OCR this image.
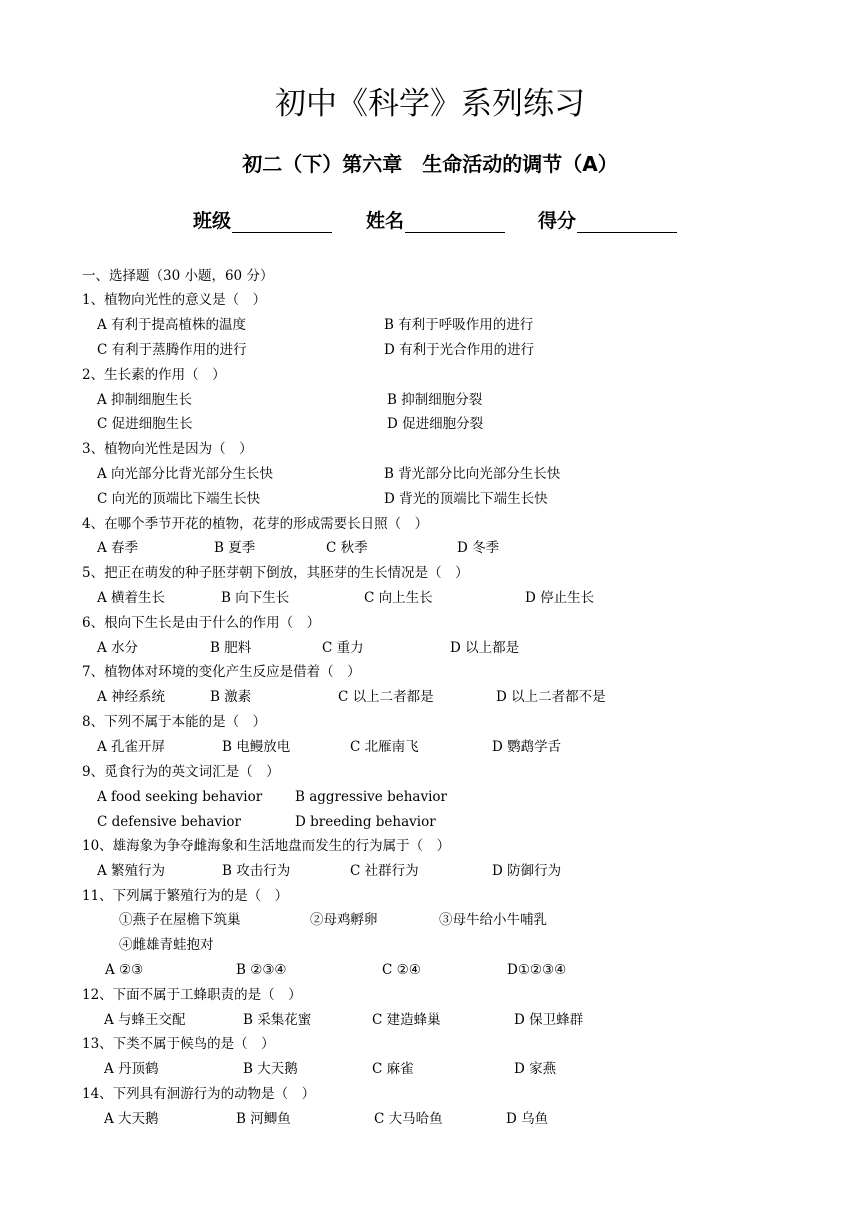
初中《科学》系列练习
初二（下）第六章　生命活动的调节（A）
班级	姓名	得分
一、选择题（30 小题，60 分）
1、植物向光性的意义是（　）
A 有利于提高植株的温度	B 有利于呼吸作用的进行
C 有利于蒸腾作用的进行	D 有利于光合作用的进行
2、生长素的作用（　）
A 抑制细胞生长	B 抑制细胞分裂
C 促进细胞生长	D 促进细胞分裂
3、植物向光性是因为（　）
A 向光部分比背光部分生长快	B 背光部分比向光部分生长快
C 向光的顶端比下端生长快	D 背光的顶端比下端生长快
4、在哪个季节开花的植物，花芽的形成需要长日照（　）
A 春季	B 夏季	C 秋季	D 冬季
5、把正在萌发的种子胚芽朝下倒放，其胚芽的生长情况是（　）
A 横着生长	B 向下生长	C 向上生长	D 停止生长
6、根向下生长是由于什么的作用（　）
A 水分	B 肥料	C 重力	D 以上都是
7、植物体对环境的变化产生反应是借着（　）
A 神经系统	B 激素	C 以上二者都是	D 以上二者都不是
8、下列不属于本能的是（　）
A 孔雀开屏	B 电鳗放电	C 北雁南飞	D 鹦鹉学舌
9、觅食行为的英文词汇是（　）
A food seeking behavior B aggressive behavior
C defensive behavior	D breeding behavior
10、雄海象为争夺雌海象和生活地盘而发生的行为属于（　）
A 繁殖行为	B 攻击行为	C 社群行为	D 防御行为
11、下列属于繁殖行为的是（　）
①燕子在屋檐下筑巢	②母鸡孵卵	③母牛给小牛哺乳
④雌雄青蛙抱对
A ②③	B ②③④	C ②④	D①②③④
12、下面不属于工蜂职责的是（　）
A 与蜂王交配	B 采集花蜜	C 建造蜂巢	D 保卫蜂群
13、下类不属于候鸟的是（　）
A 丹顶鹤	B 大天鹅	C 麻雀	D 家燕
14、下列具有洄游行为的动物是（　）
A 大天鹅	B 河鲫鱼	C 大马哈鱼	D 乌鱼
